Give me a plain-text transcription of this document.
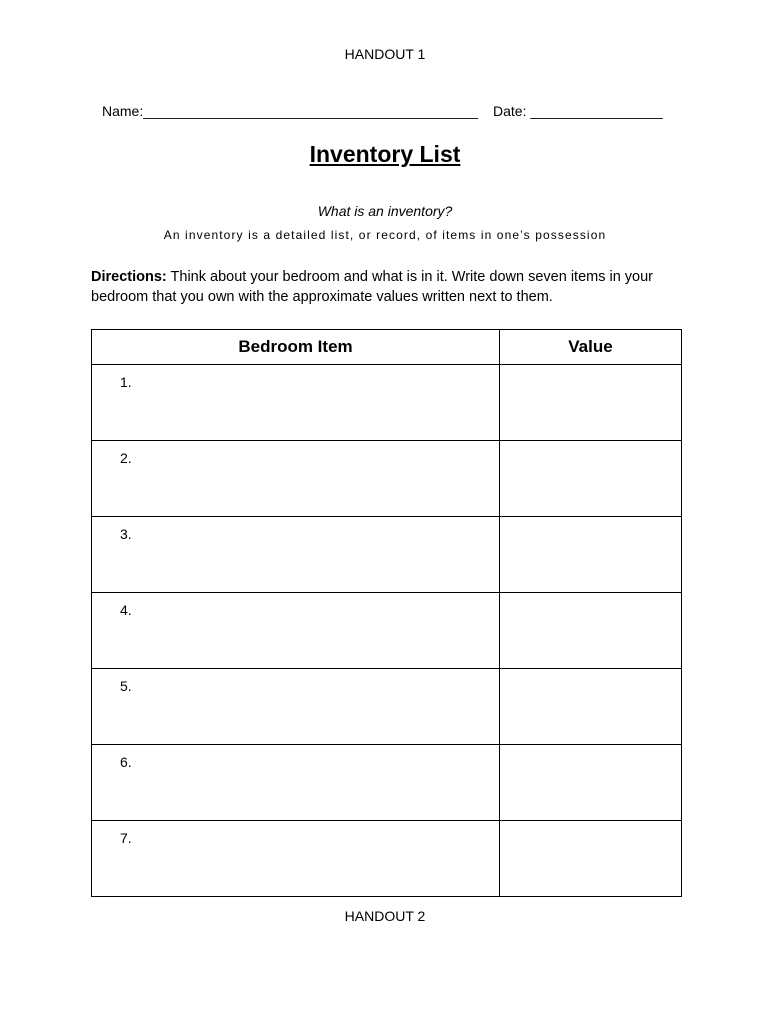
HANDOUT 1
Name:___________________________________________ Date: _________________
Inventory List
What is an inventory?
An inventory is a detailed list, or record, of items in one’s possession
Directions: Think about your bedroom and what is in it. Write down seven items in your bedroom that you own with the approximate values written next to them.
Bedroom Item	Value
1.	
2.	
3.	
4.	
5.	
6.	
7.	
HANDOUT 2
